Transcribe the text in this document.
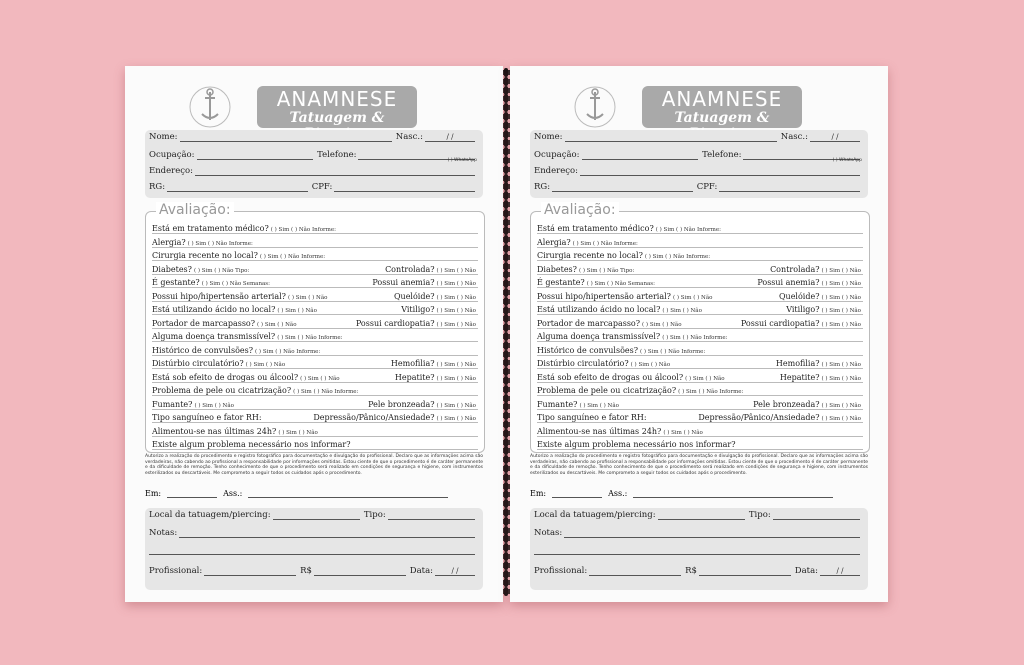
ANAMNESE
Tatuagem &
Nome:	Nasc.:	/ /
Ocupação:	Telefone:
( ) WhatsApp
Endereço:
RG:	CPF:
Avaliação:
Está em tratamento médico? ( ) Sim ( ) Não Informe:
Alergia? ( ) Sim ( ) Não Informe:
Cirurgia recente no local? ( ) Sim ( ) Não Informe:
Diabetes? ( ) Sim ( ) Não Tipo:	Controlada? ( ) Sim ( ) Não
É gestante? ( ) Sim ( ) Não Semanas:	Possui anemia? ( ) Sim ( ) Não
Possui hipo/hipertensão arterial? ( ) Sim ( ) Não	Quelóide? ( ) Sim ( ) Não
Está utilizando ácido no local? ( ) Sim ( ) Não	Vitiligo? ( ) Sim ( ) Não
Portador de marcapasso? ( ) Sim ( ) Não	Possui cardiopatia? ( ) Sim ( ) Não
Alguma doença transmissível? ( ) Sim ( ) Não Informe:
Histórico de convulsões? ( ) Sim ( ) Não Informe:
Distúrbio circulatório? ( ) Sim ( ) Não	Hemofilia? ( ) Sim ( ) Não
Está sob efeito de drogas ou álcool? ( ) Sim ( ) Não	Hepatite? ( ) Sim ( ) Não
Problema de pele ou cicatrização? ( ) Sim ( ) Não Informe:
Fumante? ( ) Sim ( ) Não	Pele bronzeada? ( ) Sim ( ) Não
Tipo sanguíneo e fator RH:	Depressão/Pânico/Ansiedade? ( ) Sim ( ) Não
Alimentou-se nas últimas 24h? ( ) Sim ( ) Não
Existe algum problema necessário nos informar?
Autorizo a realização do procedimento e registro fotográfico para documentação e divulgação do profissional. Declaro que as informações acima são verdadeiras, não cabendo ao profissional a responsabilidade por informações omitidas. Estou ciente de que o procedimento é de caráter permanente e da dificuldade de remoção. Tenho conhecimento de que o procedimento será realizado em condições de segurança e higiene, com instrumentos esterilizados ou descartáveis. Me comprometo a seguir todos os cuidados após o procedimento.
Em:	Ass.:
Local da tatuagem/piercing:	Tipo:
Notas:
Profissional:	R$	Data:	/ /
ANAMNESE
Tatuagem &
Nome:	Nasc.:	/ /
Ocupação:	Telefone:
( ) WhatsApp
Endereço:
RG:	CPF:
Avaliação:
Está em tratamento médico? ( ) Sim ( ) Não Informe:
Alergia? ( ) Sim ( ) Não Informe:
Cirurgia recente no local? ( ) Sim ( ) Não Informe:
Diabetes? ( ) Sim ( ) Não Tipo:	Controlada? ( ) Sim ( ) Não
É gestante? ( ) Sim ( ) Não Semanas:	Possui anemia? ( ) Sim ( ) Não
Possui hipo/hipertensão arterial? ( ) Sim ( ) Não	Quelóide? ( ) Sim ( ) Não
Está utilizando ácido no local? ( ) Sim ( ) Não	Vitiligo? ( ) Sim ( ) Não
Portador de marcapasso? ( ) Sim ( ) Não	Possui cardiopatia? ( ) Sim ( ) Não
Alguma doença transmissível? ( ) Sim ( ) Não Informe:
Histórico de convulsões? ( ) Sim ( ) Não Informe:
Distúrbio circulatório? ( ) Sim ( ) Não	Hemofilia? ( ) Sim ( ) Não
Está sob efeito de drogas ou álcool? ( ) Sim ( ) Não	Hepatite? ( ) Sim ( ) Não
Problema de pele ou cicatrização? ( ) Sim ( ) Não Informe:
Fumante? ( ) Sim ( ) Não	Pele bronzeada? ( ) Sim ( ) Não
Tipo sanguíneo e fator RH:	Depressão/Pânico/Ansiedade? ( ) Sim ( ) Não
Alimentou-se nas últimas 24h? ( ) Sim ( ) Não
Existe algum problema necessário nos informar?
Autorizo a realização do procedimento e registro fotográfico para documentação e divulgação do profissional. Declaro que as informações acima são verdadeiras, não cabendo ao profissional a responsabilidade por informações omitidas. Estou ciente de que o procedimento é de caráter permanente e da dificuldade de remoção. Tenho conhecimento de que o procedimento será realizado em condições de segurança e higiene, com instrumentos esterilizados ou descartáveis. Me comprometo a seguir todos os cuidados após o procedimento.
Em:	Ass.:
Local da tatuagem/piercing:	Tipo:
Notas:
Profissional:	R$	Data:	/ /
